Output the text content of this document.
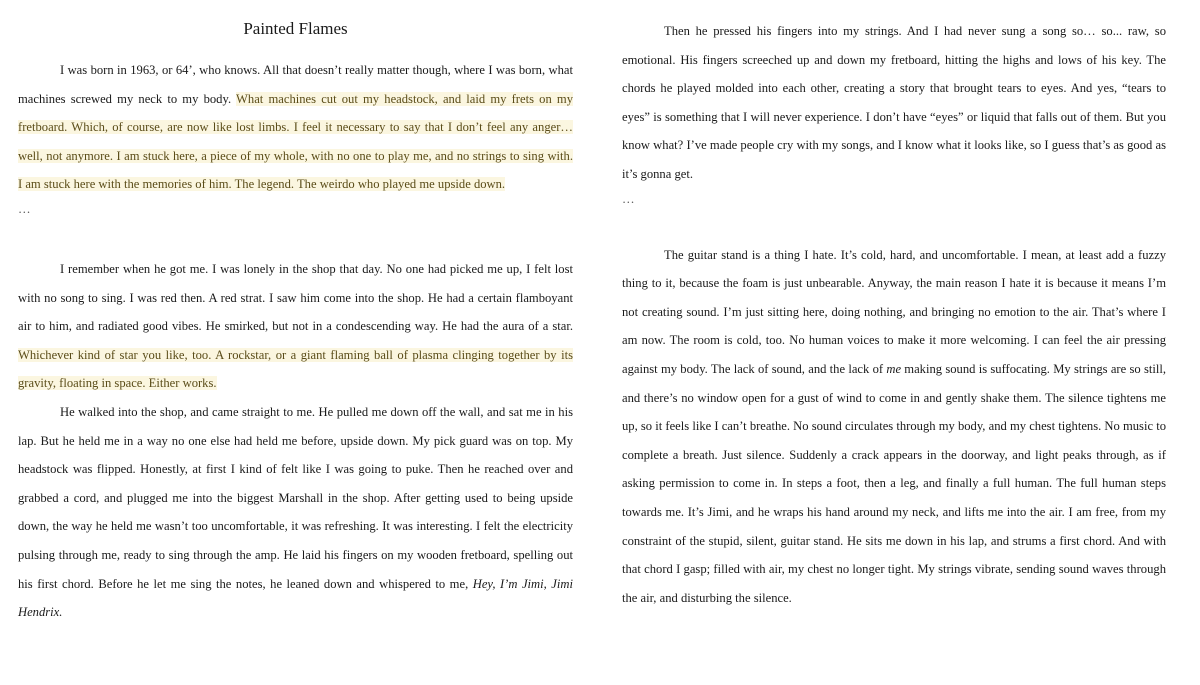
Painted Flames

I was born in 1963, or 64’, who knows. All that doesn’t really matter though, where I was born, what machines screwed my neck to my body. What machines cut out my headstock, and laid my frets on my fretboard. Which, of course, are now like lost limbs. I feel it necessary to say that I don’t feel any anger…well, not anymore. I am stuck here, a piece of my whole, with no one to play me, and no strings to sing with. I am stuck here with the memories of him. The legend. The weirdo who played me upside down.

…

I remember when he got me. I was lonely in the shop that day. No one had picked me up, I felt lost with no song to sing. I was red then. A red strat. I saw him come into the shop. He had a certain flamboyant air to him, and radiated good vibes. He smirked, but not in a condescending way. He had the aura of a star. Whichever kind of star you like, too. A rockstar, or a giant flaming ball of plasma clinging together by its gravity, floating in space. Either works.

He walked into the shop, and came straight to me. He pulled me down off the wall, and sat me in his lap. But he held me in a way no one else had held me before, upside down. My pick guard was on top. My headstock was flipped. Honestly, at first I kind of felt like I was going to puke. Then he reached over and grabbed a cord, and plugged me into the biggest Marshall in the shop. After getting used to being upside down, the way he held me wasn’t too uncomfortable, it was refreshing. It was interesting. I felt the electricity pulsing through me, ready to sing through the amp. He laid his fingers on my wooden fretboard, spelling out his first chord. Before he let me sing the notes, he leaned down and whispered to me, Hey, I’m Jimi, Jimi Hendrix.

Then he pressed his fingers into my strings. And I had never sung a song so… so... raw, so emotional. His fingers screeched up and down my fretboard, hitting the highs and lows of his key. The chords he played molded into each other, creating a story that brought tears to eyes. And yes, “tears to eyes” is something that I will never experience. I don’t have “eyes” or liquid that falls out of them. But you know what? I’ve made people cry with my songs, and I know what it looks like, so I guess that’s as good as it’s gonna get.

…

The guitar stand is a thing I hate. It’s cold, hard, and uncomfortable. I mean, at least add a fuzzy thing to it, because the foam is just unbearable. Anyway, the main reason I hate it is because it means I’m not creating sound. I’m just sitting here, doing nothing, and bringing no emotion to the air. That’s where I am now. The room is cold, too. No human voices to make it more welcoming. I can feel the air pressing against my body. The lack of sound, and the lack of me making sound is suffocating. My strings are so still, and there’s no window open for a gust of wind to come in and gently shake them. The silence tightens me up, so it feels like I can’t breathe. No sound circulates through my body, and my chest tightens. No music to complete a breath. Just silence. Suddenly a crack appears in the doorway, and light peaks through, as if asking permission to come in. In steps a foot, then a leg, and finally a full human. The full human steps towards me. It’s Jimi, and he wraps his hand around my neck, and lifts me into the air. I am free, from my constraint of the stupid, silent, guitar stand. He sits me down in his lap, and strums a first chord. And with that chord I gasp; filled with air, my chest no longer tight. My strings vibrate, sending sound waves through the air, and disturbing the silence.
